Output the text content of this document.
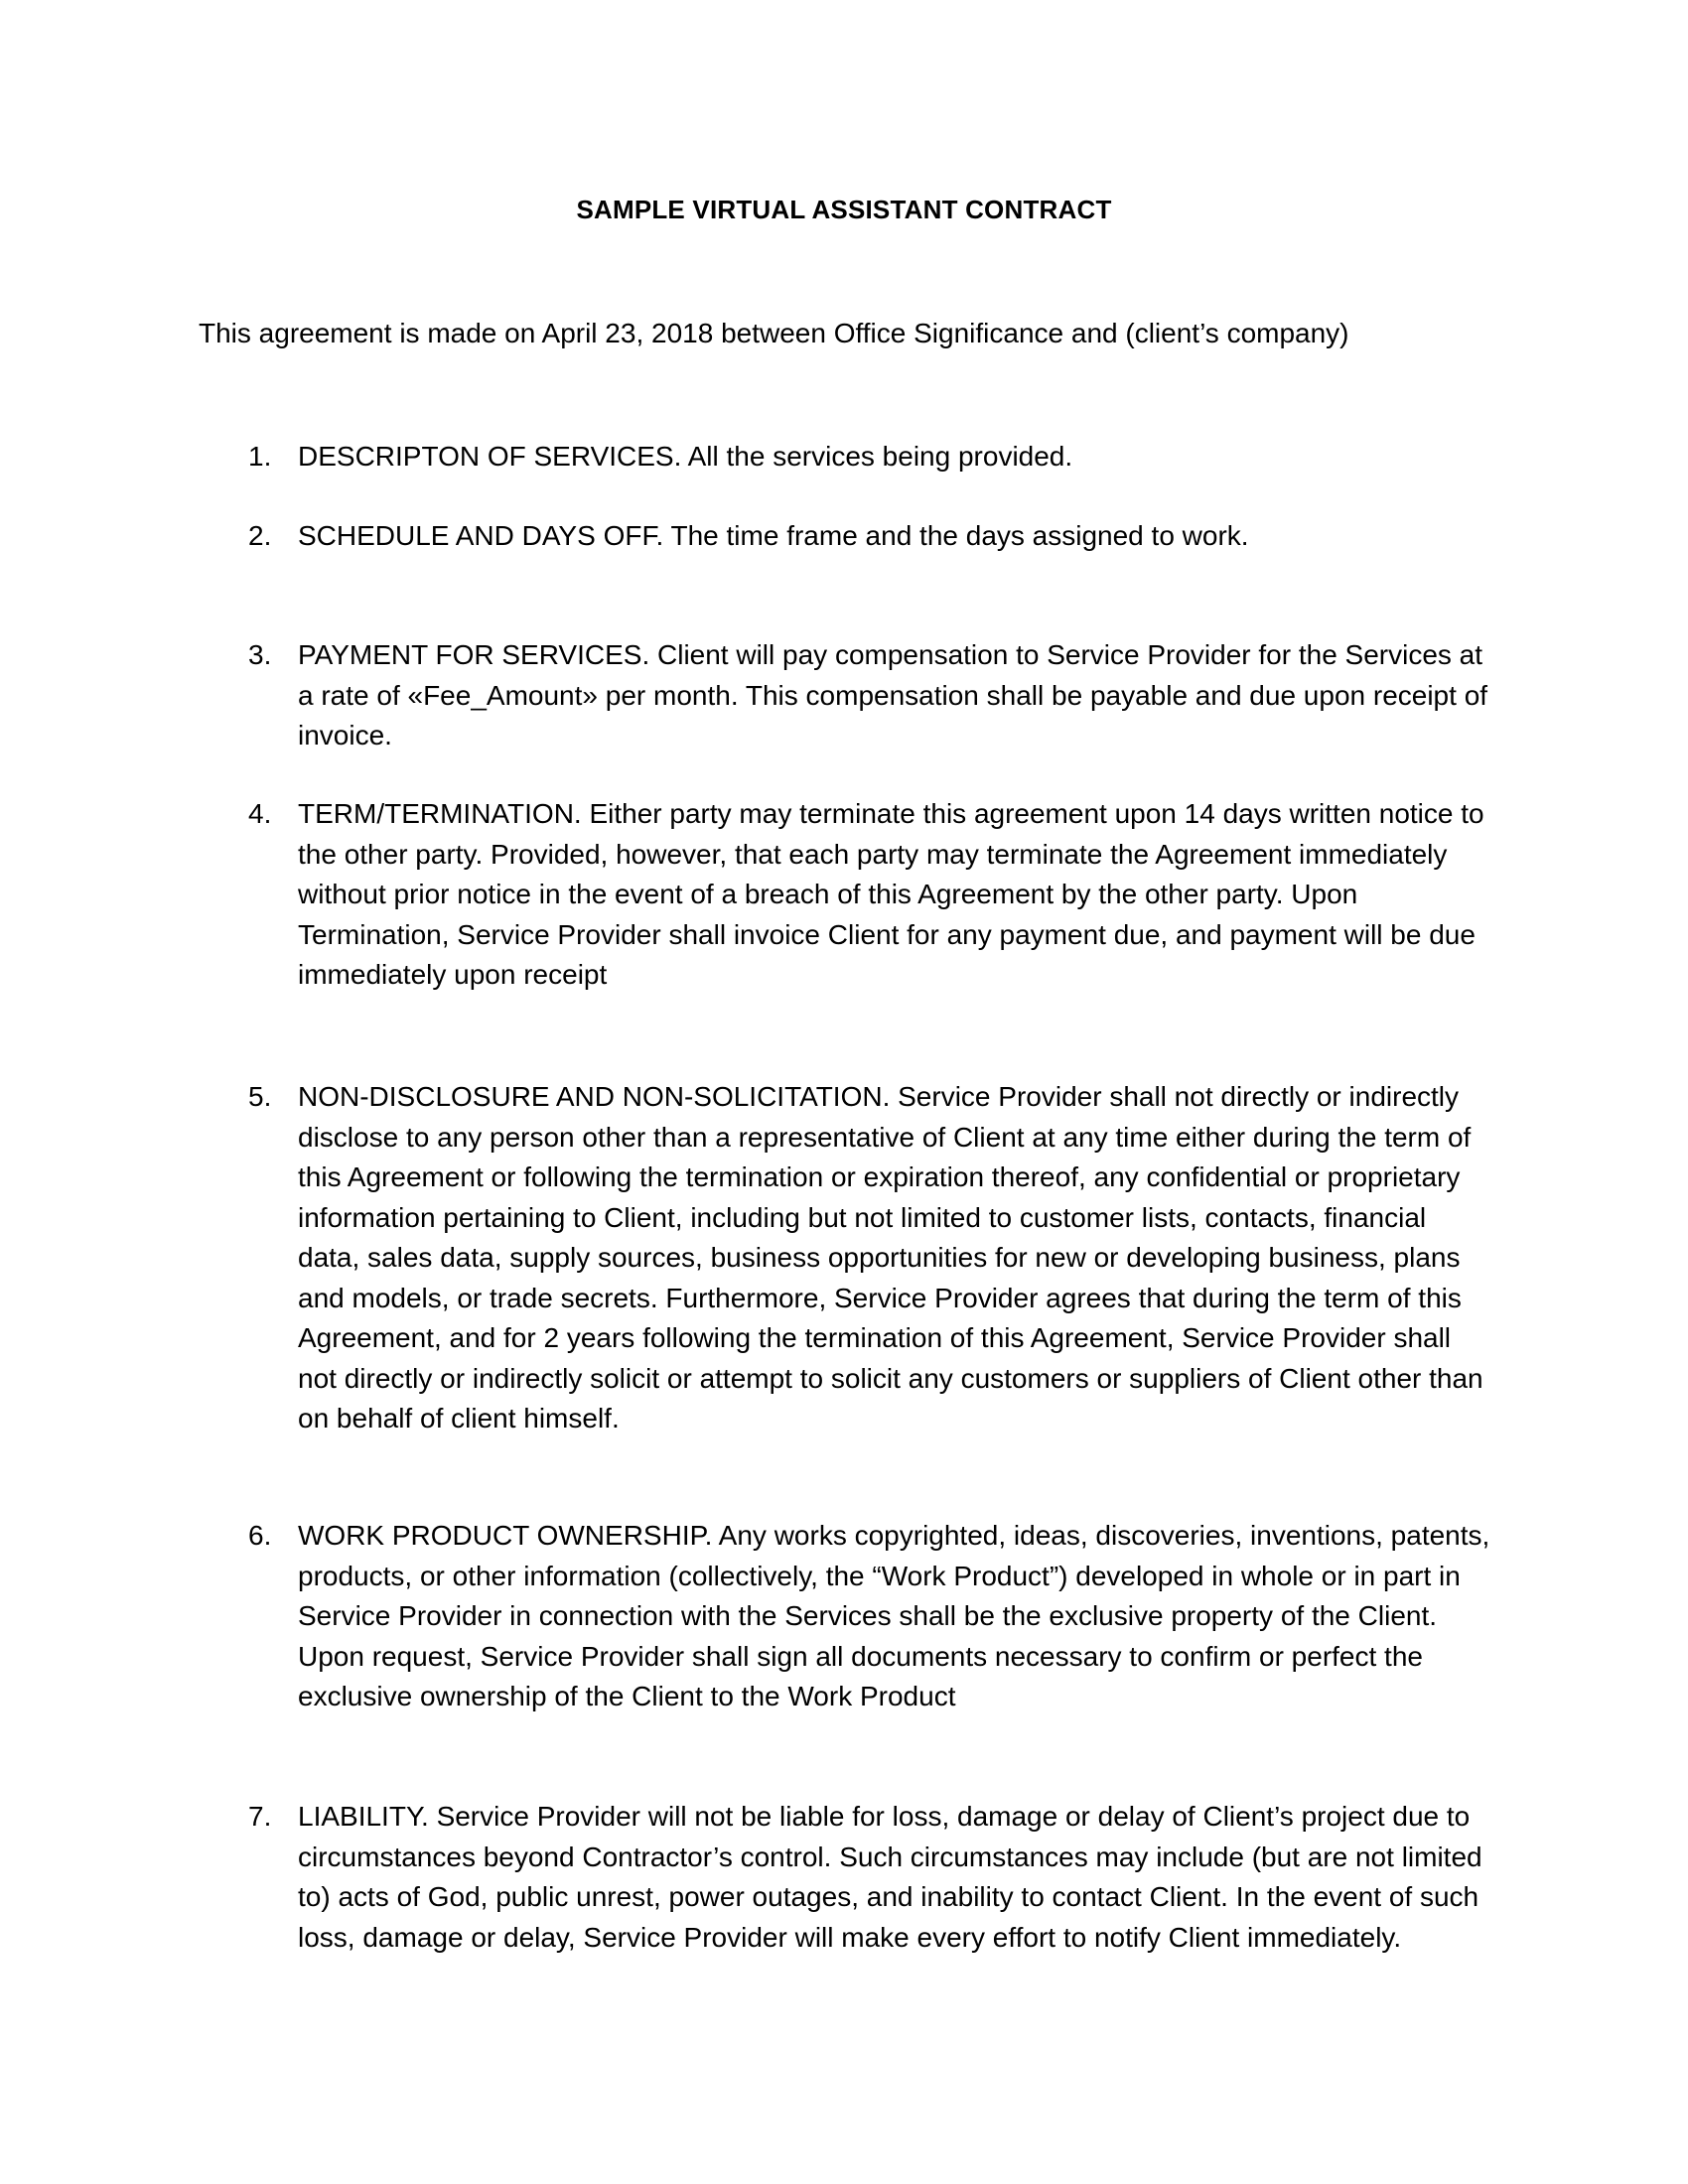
SAMPLE VIRTUAL ASSISTANT CONTRACT
This agreement is made on April 23, 2018 between Office Significance and (client’s company)
1. DESCRIPTON OF SERVICES. All the services being provided.
2. SCHEDULE AND DAYS OFF. The time frame and the days assigned to work.
3. PAYMENT FOR SERVICES. Client will pay compensation to Service Provider for the Services at a rate of «Fee_Amount» per month. This compensation shall be payable and due upon receipt of invoice.
4. TERM/TERMINATION. Either party may terminate this agreement upon 14 days written notice to the other party. Provided, however, that each party may terminate the Agreement immediately without prior notice in the event of a breach of this Agreement by the other party. Upon Termination, Service Provider shall invoice Client for any payment due, and payment will be due immediately upon receipt
5. NON-DISCLOSURE AND NON-SOLICITATION. Service Provider shall not directly or indirectly disclose to any person other than a representative of Client at any time either during the term of this Agreement or following the termination or expiration thereof, any confidential or proprietary information pertaining to Client, including but not limited to customer lists, contacts, financial data, sales data, supply sources, business opportunities for new or developing business, plans and models, or trade secrets. Furthermore, Service Provider agrees that during the term of this Agreement, and for 2 years following the termination of this Agreement, Service Provider shall not directly or indirectly solicit or attempt to solicit any customers or suppliers of Client other than on behalf of client himself.
6. WORK PRODUCT OWNERSHIP. Any works copyrighted, ideas, discoveries, inventions, patents, products, or other information (collectively, the “Work Product”) developed in whole or in part in Service Provider in connection with the Services shall be the exclusive property of the Client. Upon request, Service Provider shall sign all documents necessary to confirm or perfect the exclusive ownership of the Client to the Work Product
7. LIABILITY. Service Provider will not be liable for loss, damage or delay of Client’s project due to circumstances beyond Contractor’s control. Such circumstances may include (but are not limited to) acts of God, public unrest, power outages, and inability to contact Client. In the event of such loss, damage or delay, Service Provider will make every effort to notify Client immediately.
